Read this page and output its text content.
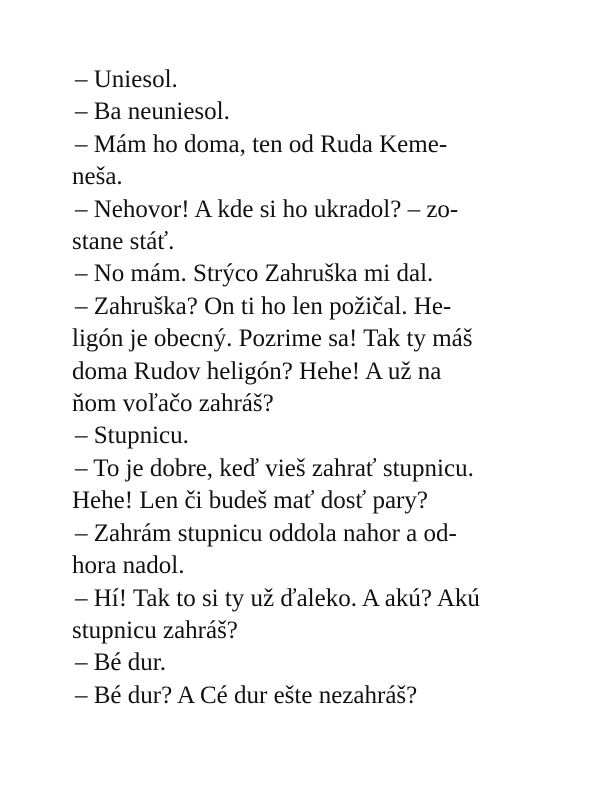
– Uniesol.
– Ba neuniesol.
– Mám ho doma, ten od Ruda Keme-
neša.
– Nehovor! A kde si ho ukradol? – zo-
stane stáť.
– No mám. Strýco Zahruška mi dal.
– Zahruška? On ti ho len požičal. He-
ligón je obecný. Pozrime sa! Tak ty máš
doma Rudov heligón? Hehe! A už na
ňom voľačo zahráš?
– Stupnicu.
– To je dobre, keď vieš zahrať stupnicu.
Hehe! Len či budeš mať dosť pary?
– Zahrám stupnicu oddola nahor a od-
hora nadol.
– Hí! Tak to si ty už ďaleko. A akú? Akú
stupnicu zahráš?
– Bé dur.
– Bé dur? A Cé dur ešte nezahráš?
